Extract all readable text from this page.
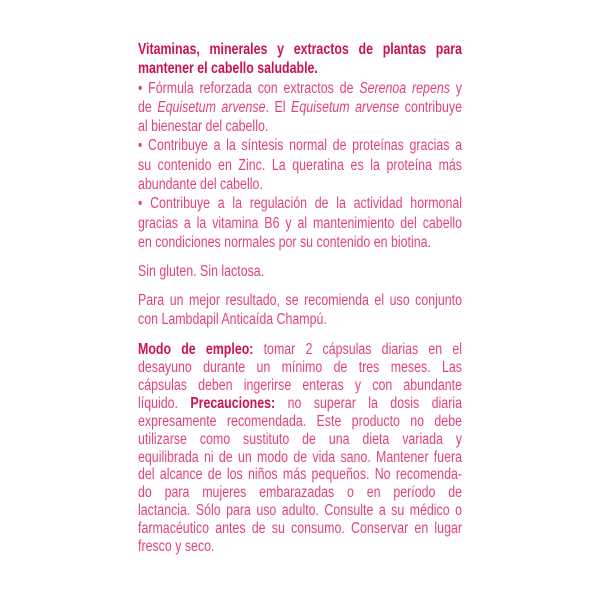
Vitaminas, minerales y extractos de plantas para
mantener el cabello saludable.
• Fórmula reforzada con extractos de Serenoa repens y
de Equisetum arvense. El Equisetum arvense contribuye
al bienestar del cabello.
• Contribuye a la síntesis normal de proteínas gracias a
su contenido en Zinc. La queratina es la proteína más
abundante del cabello.
• Contribuye a la regulación de la actividad hormonal
gracias a la vitamina B6 y al mantenimiento del cabello
en condiciones normales por su contenido en biotina.
Sin gluten. Sin lactosa.
Para un mejor resultado, se recomienda el uso conjunto
con Lambdapil Anticaída Champú.
Modo de empleo: tomar 2 cápsulas diarias en el
desayuno durante un mínimo de tres meses. Las
cápsulas deben ingerirse enteras y con abundante
líquido. Precauciones: no superar la dosis diaria
expresamente recomendada. Este producto no debe
utilizarse como sustituto de una dieta variada y
equilibrada ni de un modo de vida sano. Mantener fuera
del alcance de los niños más pequeños. No recomenda-
do para mujeres embarazadas o en período de
lactancia. Sólo para uso adulto. Consulte a su médico o
farmacéutico antes de su consumo. Conservar en lugar
fresco y seco.
